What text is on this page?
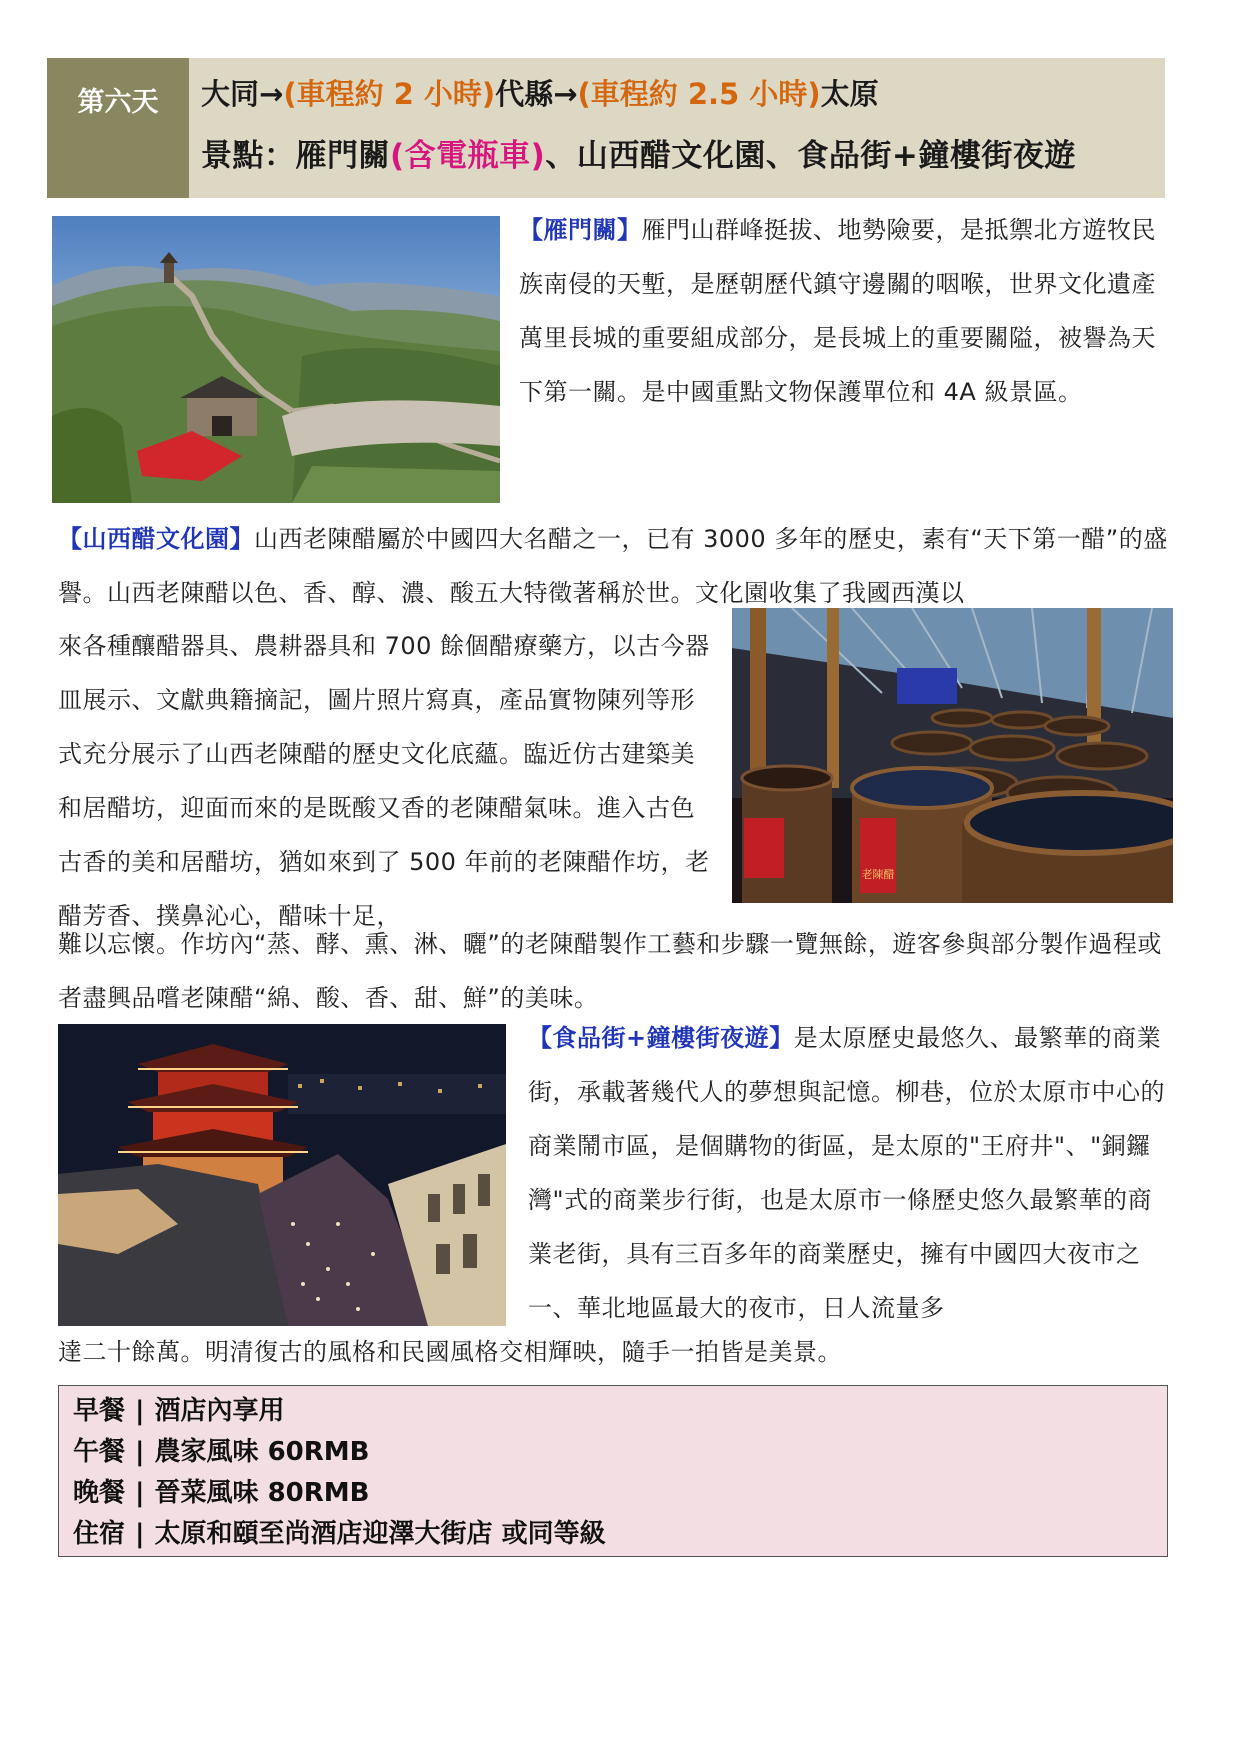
第六天	大同→(車程約 2 小時)代縣→(車程約 2.5 小時)太原
景點：雁門關(含電瓶車)、山西醋文化園、食品街+鐘樓街夜遊
【雁門關】雁門山群峰挺拔、地勢險要，是抵禦北方遊牧民族南侵的天塹，是歷朝歷代鎮守邊關的咽喉，世界文化遺產萬里長城的重要組成部分，是長城上的重要關隘，被譽為天下第一關。是中國重點文物保護單位和 4A 級景區。
【山西醋文化園】山西老陳醋屬於中國四大名醋之一，已有 3000 多年的歷史，素有“天下第一醋”的盛譽。山西老陳醋以色、香、醇、濃、酸五大特徵著稱於世。文化園收集了我國西漢以
老陳醋
來各種釀醋器具、農耕器具和 700 餘個醋療藥方，以古今器皿展示、文獻典籍摘記，圖片照片寫真，產品實物陳列等形式充分展示了山西老陳醋的歷史文化底蘊。臨近仿古建築美和居醋坊，迎面而來的是既酸又香的老陳醋氣味。進入古色古香的美和居醋坊，猶如來到了 500 年前的老陳醋作坊，老醋芳香、撲鼻沁心，醋味十足，
難以忘懷。作坊內“蒸、酵、熏、淋、曬”的老陳醋製作工藝和步驟一覽無餘，遊客參與部分製作過程或者盡興品嚐老陳醋“綿、酸、香、甜、鮮”的美味。
【食品街+鐘樓街夜遊】是太原歷史最悠久、最繁華的商業街，承載著幾代人的夢想與記憶。柳巷，位於太原市中心的商業鬧市區，是個購物的街區，是太原的"王府井"、"銅鑼灣"式的商業步行街，也是太原市一條歷史悠久最繁華的商業老街，具有三百多年的商業歷史，擁有中國四大夜市之一、華北地區最大的夜市，日人流量多
達二十餘萬。明清復古的風格和民國風格交相輝映，隨手一拍皆是美景。
早餐 | 酒店內享用
午餐 | 農家風味 60RMB
晚餐 | 晉菜風味 80RMB
住宿 | 太原和頤至尚酒店迎澤大街店 或同等級
